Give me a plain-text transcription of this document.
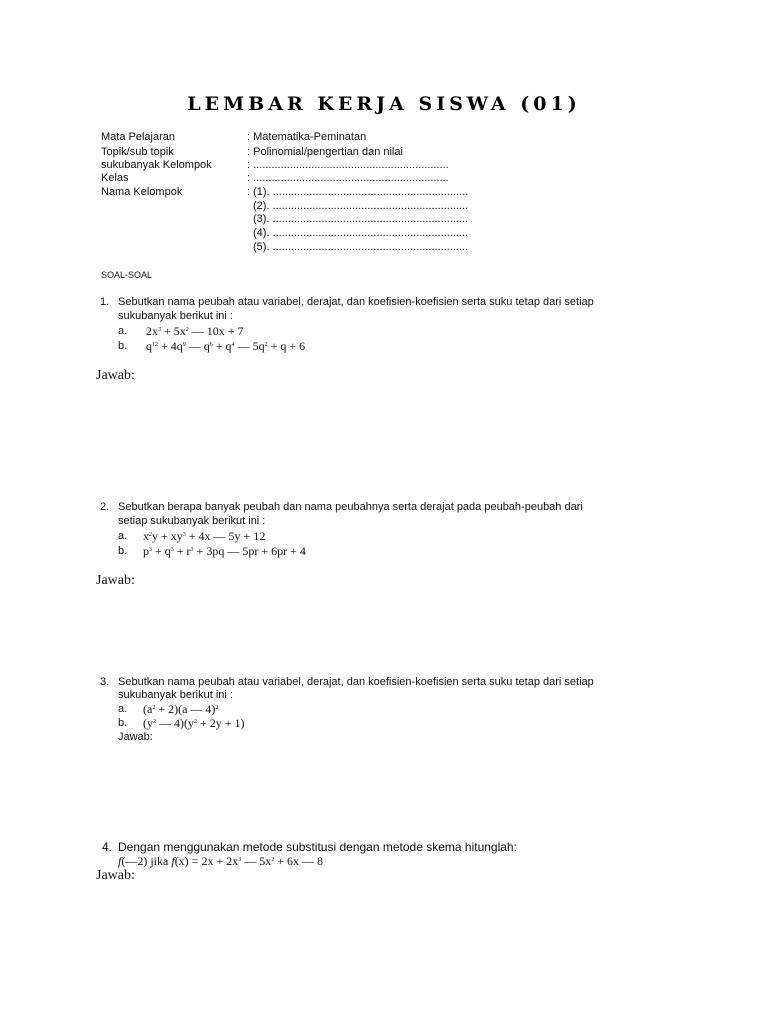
LEMBAR KERJA SISWA (01)
Mata Pelajaran	: Matematika-Peminatan
Topik/sub topik	: Polinomial/pengertian dan nilai
sukubanyak Kelompok	: ................................................................
Kelas	: ................................................................
Nama Kelompok	: (1). ................................................................
(2). ................................................................
(3). ................................................................
(4). ................................................................
(5). ................................................................
SOAL-SOAL
1. Sebutkan nama peubah atau variabel, derajat, dan koefisien-koefisien serta suku tetap dari setiap
sukubanyak berikut ini :
a. $2x^3 + 5x^2$ — 10x + 7
b. $q^{12} + 4q^9$ — $q^6 + q^4$ — $5q^2 + q + 6$
Jawab:
2. Sebutkan berapa banyak peubah dan nama peubahnya serta derajat pada peubah-peubah dari
setiap sukubanyak berikut ini :
a. $x^2y + xy^3 + 4x$ — 5y + 12
b. $p^3 + q^3 + r^3 + 3pq$ — 5pr + 6pr + 4
Jawab:
3. Sebutkan nama peubah atau variabel, derajat, dan koefisien-koefisien serta suku tetap dari setiap
sukubanyak berikut ini :
a. $(a^2 + 2)(a$ — 4)$^2$
b. ($y^2$ — $4)(y^2 + 2y + 1)$
Jawab:
4. Dengan menggunakan metode substitusi dengan metode skema hitunglah:
f(—2) jika $f(x) = 2x + 2x^3$ — $5x^2 + 6x$ — 8
Jawab:
